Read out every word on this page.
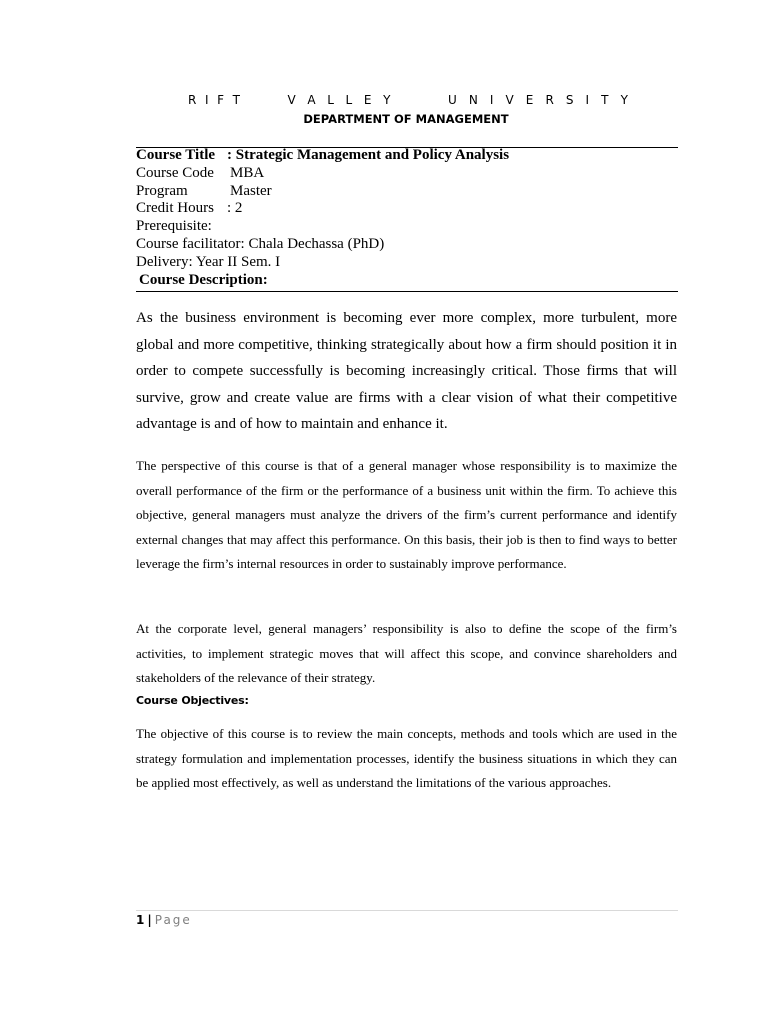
R I F T	V A L L E Y	U N I V E R S I T Y
DEPARTMENT OF MANAGEMENT
Course Title : Strategic Management and Policy Analysis
Course Code	MBA
Program	Master
Credit Hours : 2
Prerequisite:
Course facilitator: Chala Dechassa (PhD)
Delivery: Year II Sem. I
Course Description:

As the business environment is becoming ever more complex, more turbulent, more global and more competitive, thinking strategically about how a firm should position it in order to compete successfully is becoming increasingly critical. Those firms that will survive, grow and create value are firms with a clear vision of what their competitive advantage is and of how to maintain and enhance it.

The perspective of this course is that of a general manager whose responsibility is to maximize the overall performance of the firm or the performance of a business unit within the firm. To achieve this objective, general managers must analyze the drivers of the firm’s current performance and identify external changes that may affect this performance. On this basis, their job is then to find ways to better leverage the firm’s internal resources in order to sustainably improve performance.

At the corporate level, general managers’ responsibility is also to define the scope of the firm’s activities, to implement strategic moves that will affect this scope, and convince shareholders and stakeholders of the relevance of their strategy.

Course Objectives:

The objective of this course is to review the main concepts, methods and tools which are used in the strategy formulation and implementation processes, identify the business situations in which they can be applied most effectively, as well as understand the limitations of the various approaches.

1 | Page
